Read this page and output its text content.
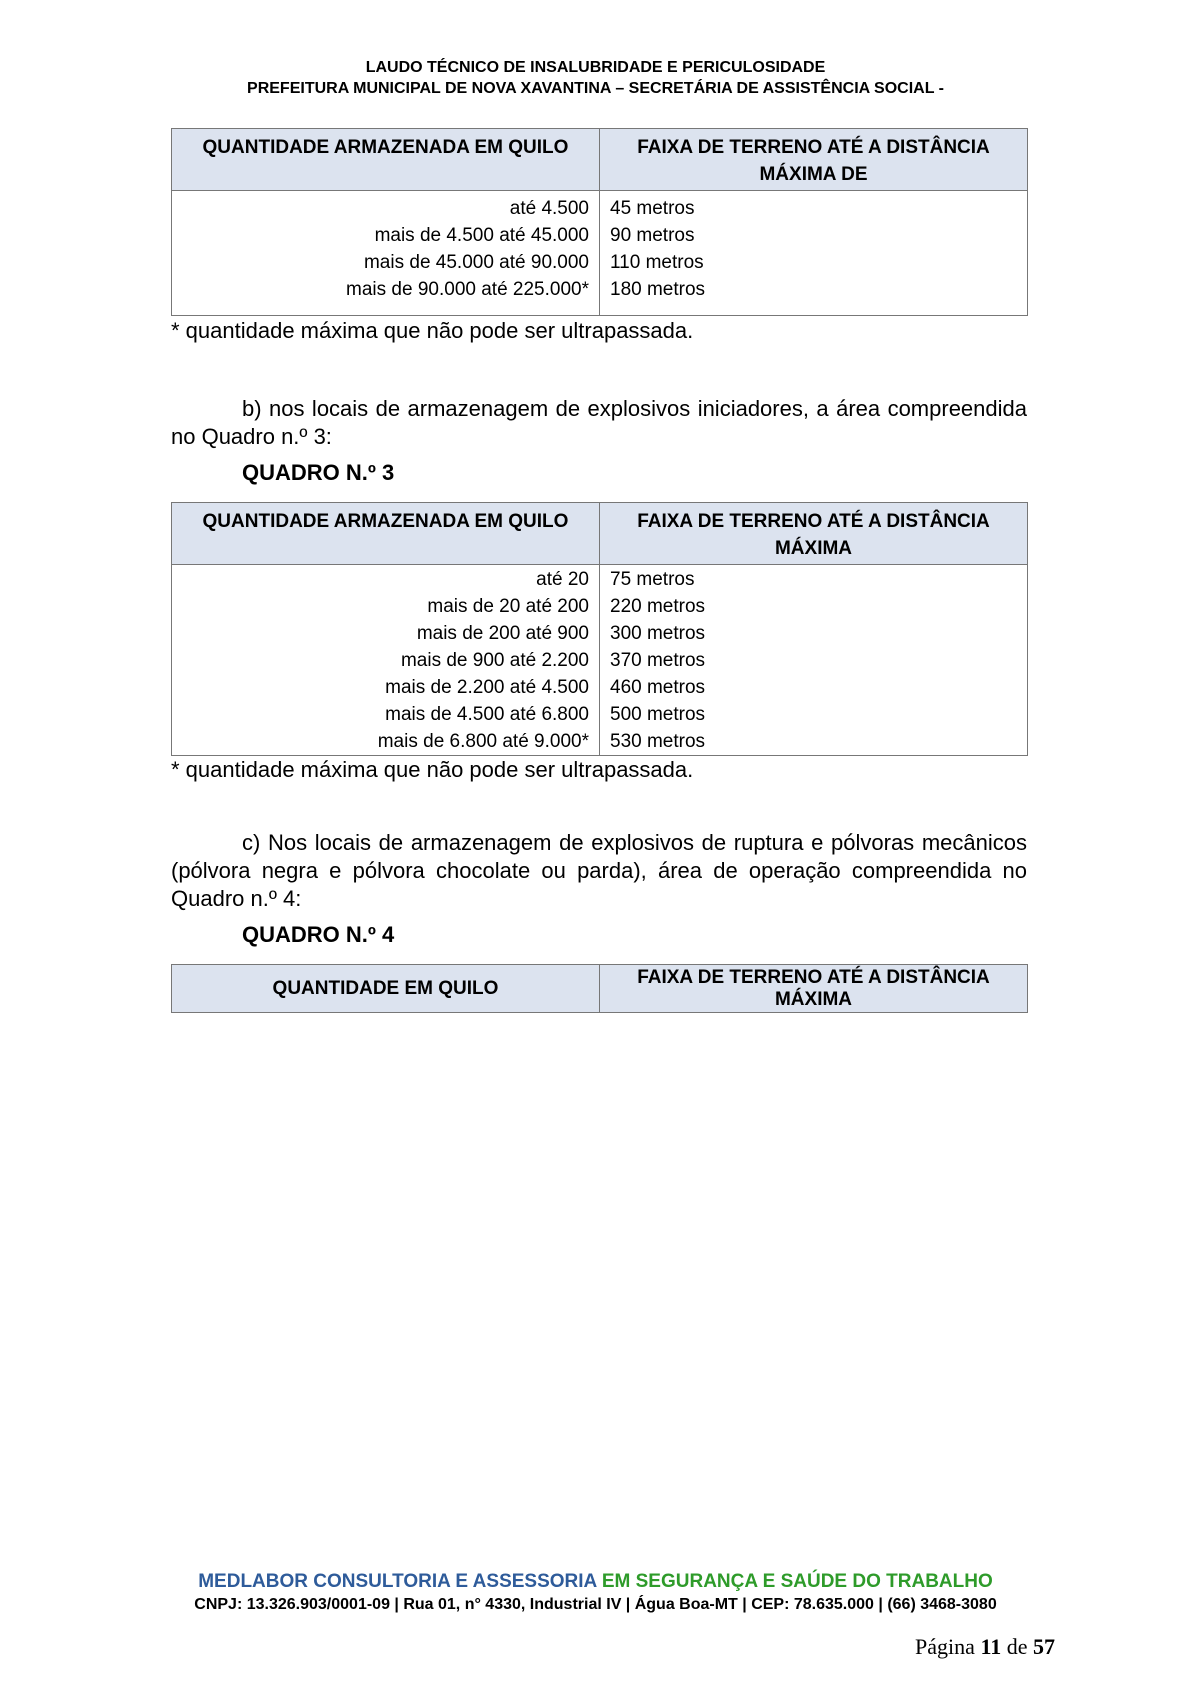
LAUDO TÉCNICO DE INSALUBRIDADE E PERICULOSIDADE
PREFEITURA MUNICIPAL DE NOVA XAVANTINA – SECRETÁRIA DE ASSISTÊNCIA SOCIAL -
QUANTIDADE ARMAZENADA EM QUILO	FAIXA DE TERRENO ATÉ A DISTÂNCIA MÁXIMA DE
até 4.500	45 metros
mais de 4.500 até 45.000	90 metros
mais de 45.000 até 90.000	110 metros
mais de 90.000 até 225.000*	180 metros
* quantidade máxima que não pode ser ultrapassada.
b) nos locais de armazenagem de explosivos iniciadores, a área compreendida no Quadro n.º 3:
QUADRO N.º 3
QUANTIDADE ARMAZENADA EM QUILO	FAIXA DE TERRENO ATÉ A DISTÂNCIA MÁXIMA
até 20	75 metros
mais de 20 até 200	220 metros
mais de 200 até 900	300 metros
mais de 900 até 2.200	370 metros
mais de 2.200 até 4.500	460 metros
mais de 4.500 até 6.800	500 metros
mais de 6.800 até 9.000*	530 metros
* quantidade máxima que não pode ser ultrapassada.
c) Nos locais de armazenagem de explosivos de ruptura e pólvoras mecânicos (pólvora negra e pólvora chocolate ou parda), área de operação compreendida no Quadro n.º 4:
QUADRO N.º 4
QUANTIDADE EM QUILO	FAIXA DE TERRENO ATÉ A DISTÂNCIA MÁXIMA
MEDLABOR CONSULTORIA E ASSESSORIA EM SEGURANÇA E SAÚDE DO TRABALHO
CNPJ: 13.326.903/0001-09 | Rua 01, n° 4330, Industrial IV | Água Boa-MT | CEP: 78.635.000 | (66) 3468-3080
Página 11 de 57
